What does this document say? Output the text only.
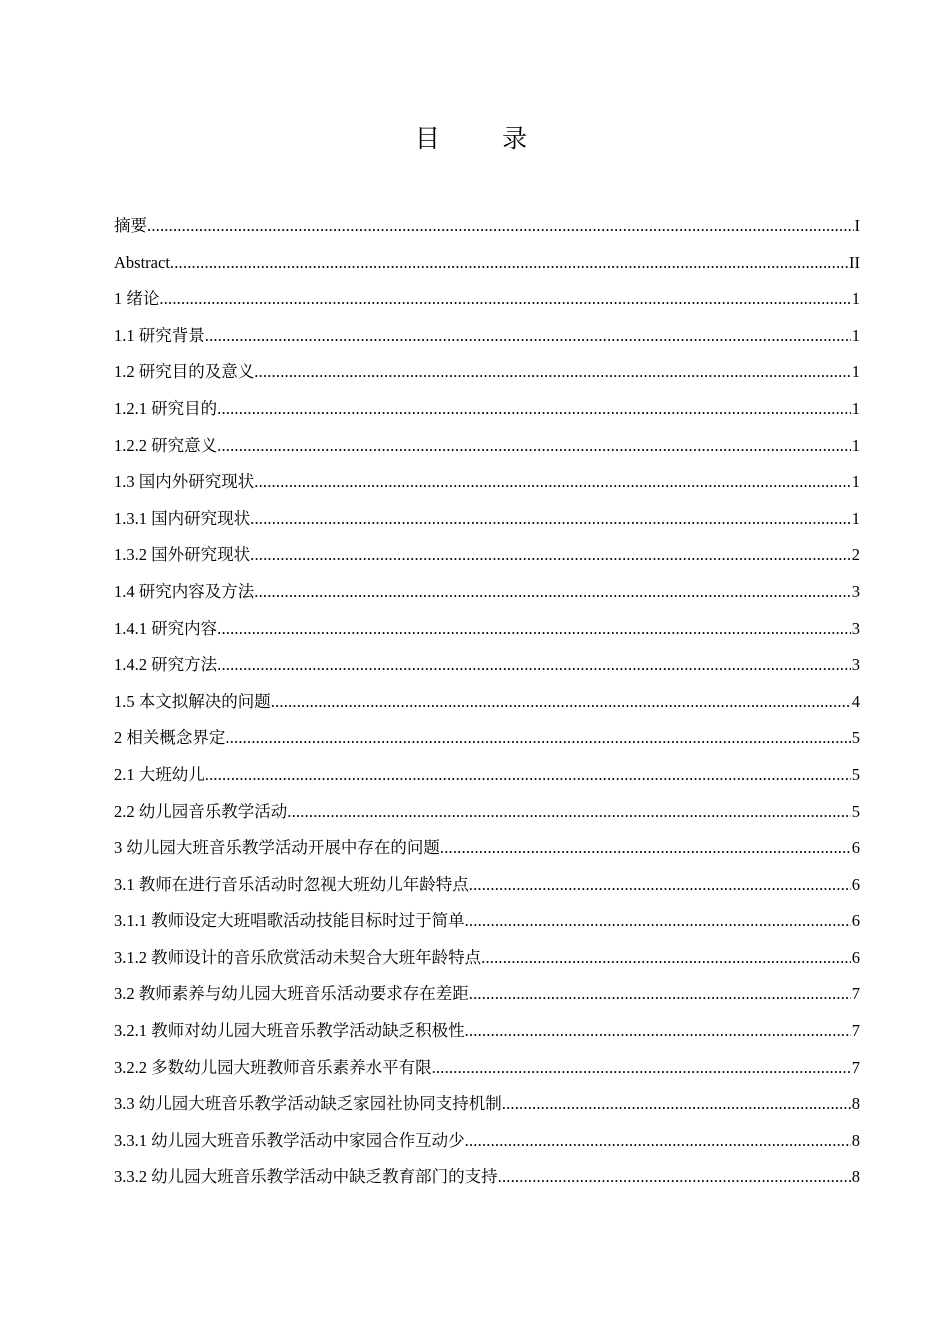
目 录
摘要 .....	I
Abstract .....	II
1 绪论 .....	1
1.1 研究背景 .....	1
1.2 研究目的及意义 .....	1
1.2.1 研究目的 .....	1
1.2.2 研究意义 .....	1
1.3 国内外研究现状 .....	1
1.3.1 国内研究现状 .....	1
1.3.2 国外研究现状 .....	2
1.4 研究内容及方法 .....	3
1.4.1 研究内容 .....	3
1.4.2 研究方法 .....	3
1.5 本文拟解决的问题 .....	4
2 相关概念界定 .....	5
2.1 大班幼儿 .....	5
2.2 幼儿园音乐教学活动 .....	5
3 幼儿园大班音乐教学活动开展中存在的问题 .....	6
3.1 教师在进行音乐活动时忽视大班幼儿年龄特点 .....	6
3.1.1 教师设定大班唱歌活动技能目标时过于简单 .....	6
3.1.2 教师设计的音乐欣赏活动未契合大班年龄特点 .....	6
3.2 教师素养与幼儿园大班音乐活动要求存在差距 .....	7
3.2.1 教师对幼儿园大班音乐教学活动缺乏积极性 .....	7
3.2.2 多数幼儿园大班教师音乐素养水平有限 .....	7
3.3 幼儿园大班音乐教学活动缺乏家园社协同支持机制 .....	8
3.3.1 幼儿园大班音乐教学活动中家园合作互动少 .....	8
3.3.2 幼儿园大班音乐教学活动中缺乏教育部门的支持 .....	8
